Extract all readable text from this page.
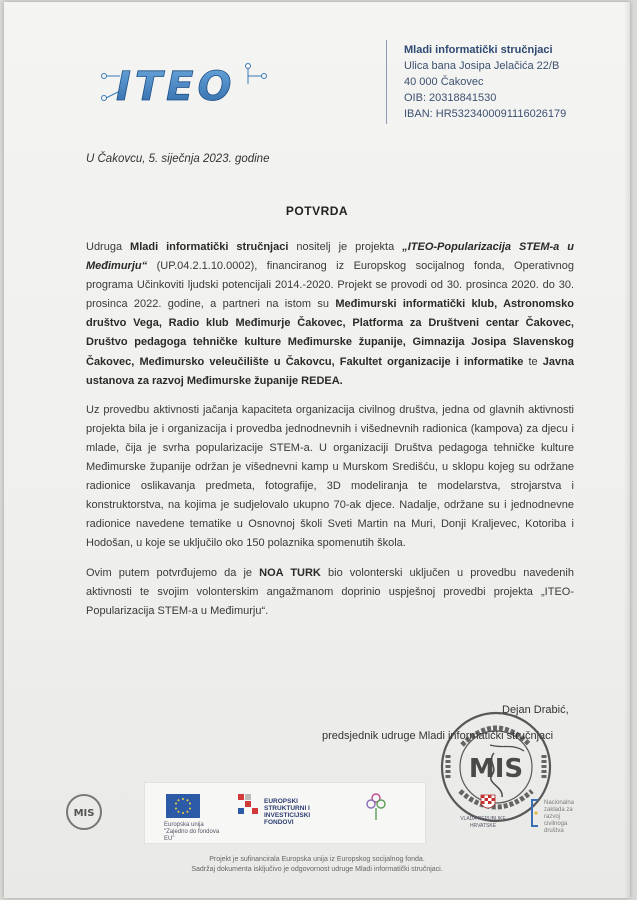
ITEO
Mladi informatički stručnjaci
Ulica bana Josipa Jelačića 22/B
40 000 Čakovec
OIB: 20318841530
IBAN: HR5323400091116026179
U Čakovcu, 5. siječnja 2023. godine
POTVRDA

Udruga Mladi informatički stručnjaci nositelj je projekta „ITEO-Popularizacija STEM-a u Međimurju“ (UP.04.2.1.10.0002), financiranog iz Europskog socijalnog fonda, Operativnog programa Učinkoviti ljudski potencijali 2014.-2020. Projekt se provodi od 30. prosinca 2020. do 30. prosinca 2022. godine, a partneri na istom su Međimurski informatički klub, Astronomsko društvo Vega, Radio klub Međimurje Čakovec, Platforma za Društveni centar Čakovec, Društvo pedagoga tehničke kulture Međimurske županije, Gimnazija Josipa Slavenskog Čakovec, Međimursko veleučilište u Čakovcu, Fakultet organizacije i informatike te Javna ustanova za razvoj Međimurske županije REDEA.

Uz provedbu aktivnosti jačanja kapaciteta organizacija civilnog društva, jedna od glavnih aktivnosti projekta bila je i organizacija i provedba jednodnevnih i višednevnih radionica (kampova) za djecu i mlade, čija je svrha popularizacije STEM-a. U organizaciji Društva pedagoga tehničke kulture Međimurske županije održan je višednevni kamp u Murskom Središću, u sklopu kojeg su održane radionice oslikavanja predmeta, fotografije, 3D modeliranja te modelarstva, strojarstva i konstruktorstva, na kojima je sudjelovalo ukupno 70-ak djece. Nadalje, održane su i jednodnevne radionice navedene tematike u Osnovnoj školi Sveti Martin na Muri, Donji Kraljevec, Kotoriba i Hodošan, u koje se uključilo oko 150 polaznika spomenutih škola.

Ovim putem potvrđujemo da je NOA TURK bio volonterski uključen u provedbu navedenih aktivnosti te svojim volonterskim angažmanom doprinio uspješnoj provedbi projekta „ITEO-Popularizacija STEM-a u Međimurju“.

MIS
Dejan Drabić,
predsjednik udruge Mladi informatički stručnjaci
MIS
Europska unija "Zajedno do fondova EU"
EUROPSKI STRUKTURNI I INVESTICIJSKI FONDOVI	VLADA REPUBLIKE HRVATSKE
Nacionalna zaklada za razvoj civilnoga društva
Projekt je sufinancirala Europska unija iz Europskog socijalnog fonda.
Sadržaj dokumenta isključivo je odgovornost udruge Mladi informatički stručnjaci.
